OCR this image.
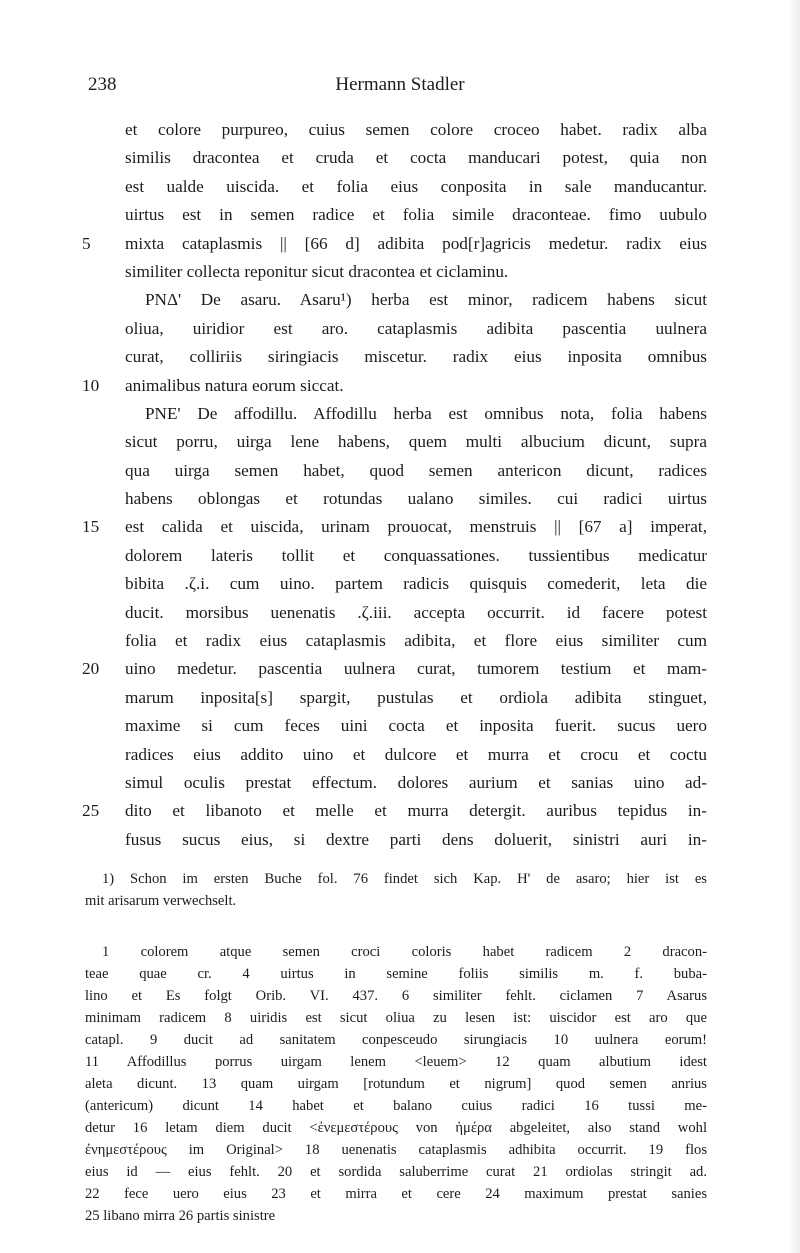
238	Hermann Stadler
et colore purpureo, cuius semen colore croceo habet. radix alba
similis dracontea et cruda et cocta manducari potest, quia non
est ualde uiscida. et folia eius conposita in sale manducantur.
uirtus est in semen radice et folia simile draconteae. fimo uubulo
5	mixta cataplasmis || [66 d] adibita pod[r]agricis medetur. radix eius
similiter collecta reponitur sicut dracontea et ciclaminu.
PNΔ' De asaru. Asaru¹) herba est minor, radicem habens sicut
oliua, uiridior est aro. cataplasmis adibita pascentia uulnera
curat, colliriis siringiacis miscetur. radix eius inposita omnibus
10	animalibus natura eorum siccat.
PNE' De affodillu. Affodillu herba est omnibus nota, folia habens
sicut porru, uirga lene habens, quem multi albucium dicunt, supra
qua uirga semen habet, quod semen antericon dicunt, radices
habens oblongas et rotundas ualano similes. cui radici uirtus
15	est calida et uiscida, urinam prouocat, menstruis || [67 a] imperat,
dolorem lateris tollit et conquassationes. tussientibus medicatur
bibita .ζ.i. cum uino. partem radicis quisquis comederit, leta die
ducit. morsibus uenenatis .ζ.iii. accepta occurrit. id facere potest
folia et radix eius cataplasmis adibita, et flore eius similiter cum
20	uino medetur. pascentia uulnera curat, tumorem testium et mam-
marum inposita[s] spargit, pustulas et ordiola adibita stinguet,
maxime si cum feces uini cocta et inposita fuerit. sucus uero
radices eius addito uino et dulcore et murra et crocu et coctu
simul oculis prestat effectum. dolores aurium et sanias uino ad-
25	dito et libanoto et melle et murra detergit. auribus tepidus in-
fusus sucus eius, si dextre parti dens doluerit, sinistri auri in-
1) Schon im ersten Buche fol. 76 findet sich Kap. H' de asaro; hier ist es
mit arisarum verwechselt.
1 colorem atque semen croci coloris habet radicem 2 dracon-
teae quae cr. 4 uirtus in semine foliis similis m. f. buba-
lino et Es folgt Orib. VI. 437. 6 similiter fehlt. ciclamen 7 Asarus
minimam radicem 8 uiridis est sicut oliua zu lesen ist: uiscidor est aro que
catapl. 9 ducit ad sanitatem conpesceudo sirungiacis 10 uulnera eorum!
11 Affodillus porrus uirgam lenem <leuem> 12 quam albutium idest
aleta dicunt. 13 quam uirgam [rotundum et nigrum] quod semen anrius
(antericum) dicunt 14 habet et balano cuius radici 16 tussi me-
detur 16 letam diem ducit <ἐνεμεστέρους von ἡμέρα abgeleitet, also stand wohl
ἐνημεστέρους im Original> 18 uenenatis cataplasmis adhibita occurrit. 19 flos
eius id — eius fehlt. 20 et sordida saluberrime curat 21 ordiolas stringit ad.
22 fece uero eius 23 et mirra et cere 24 maximum prestat sanies
25 libano mirra 26 partis sinistre
